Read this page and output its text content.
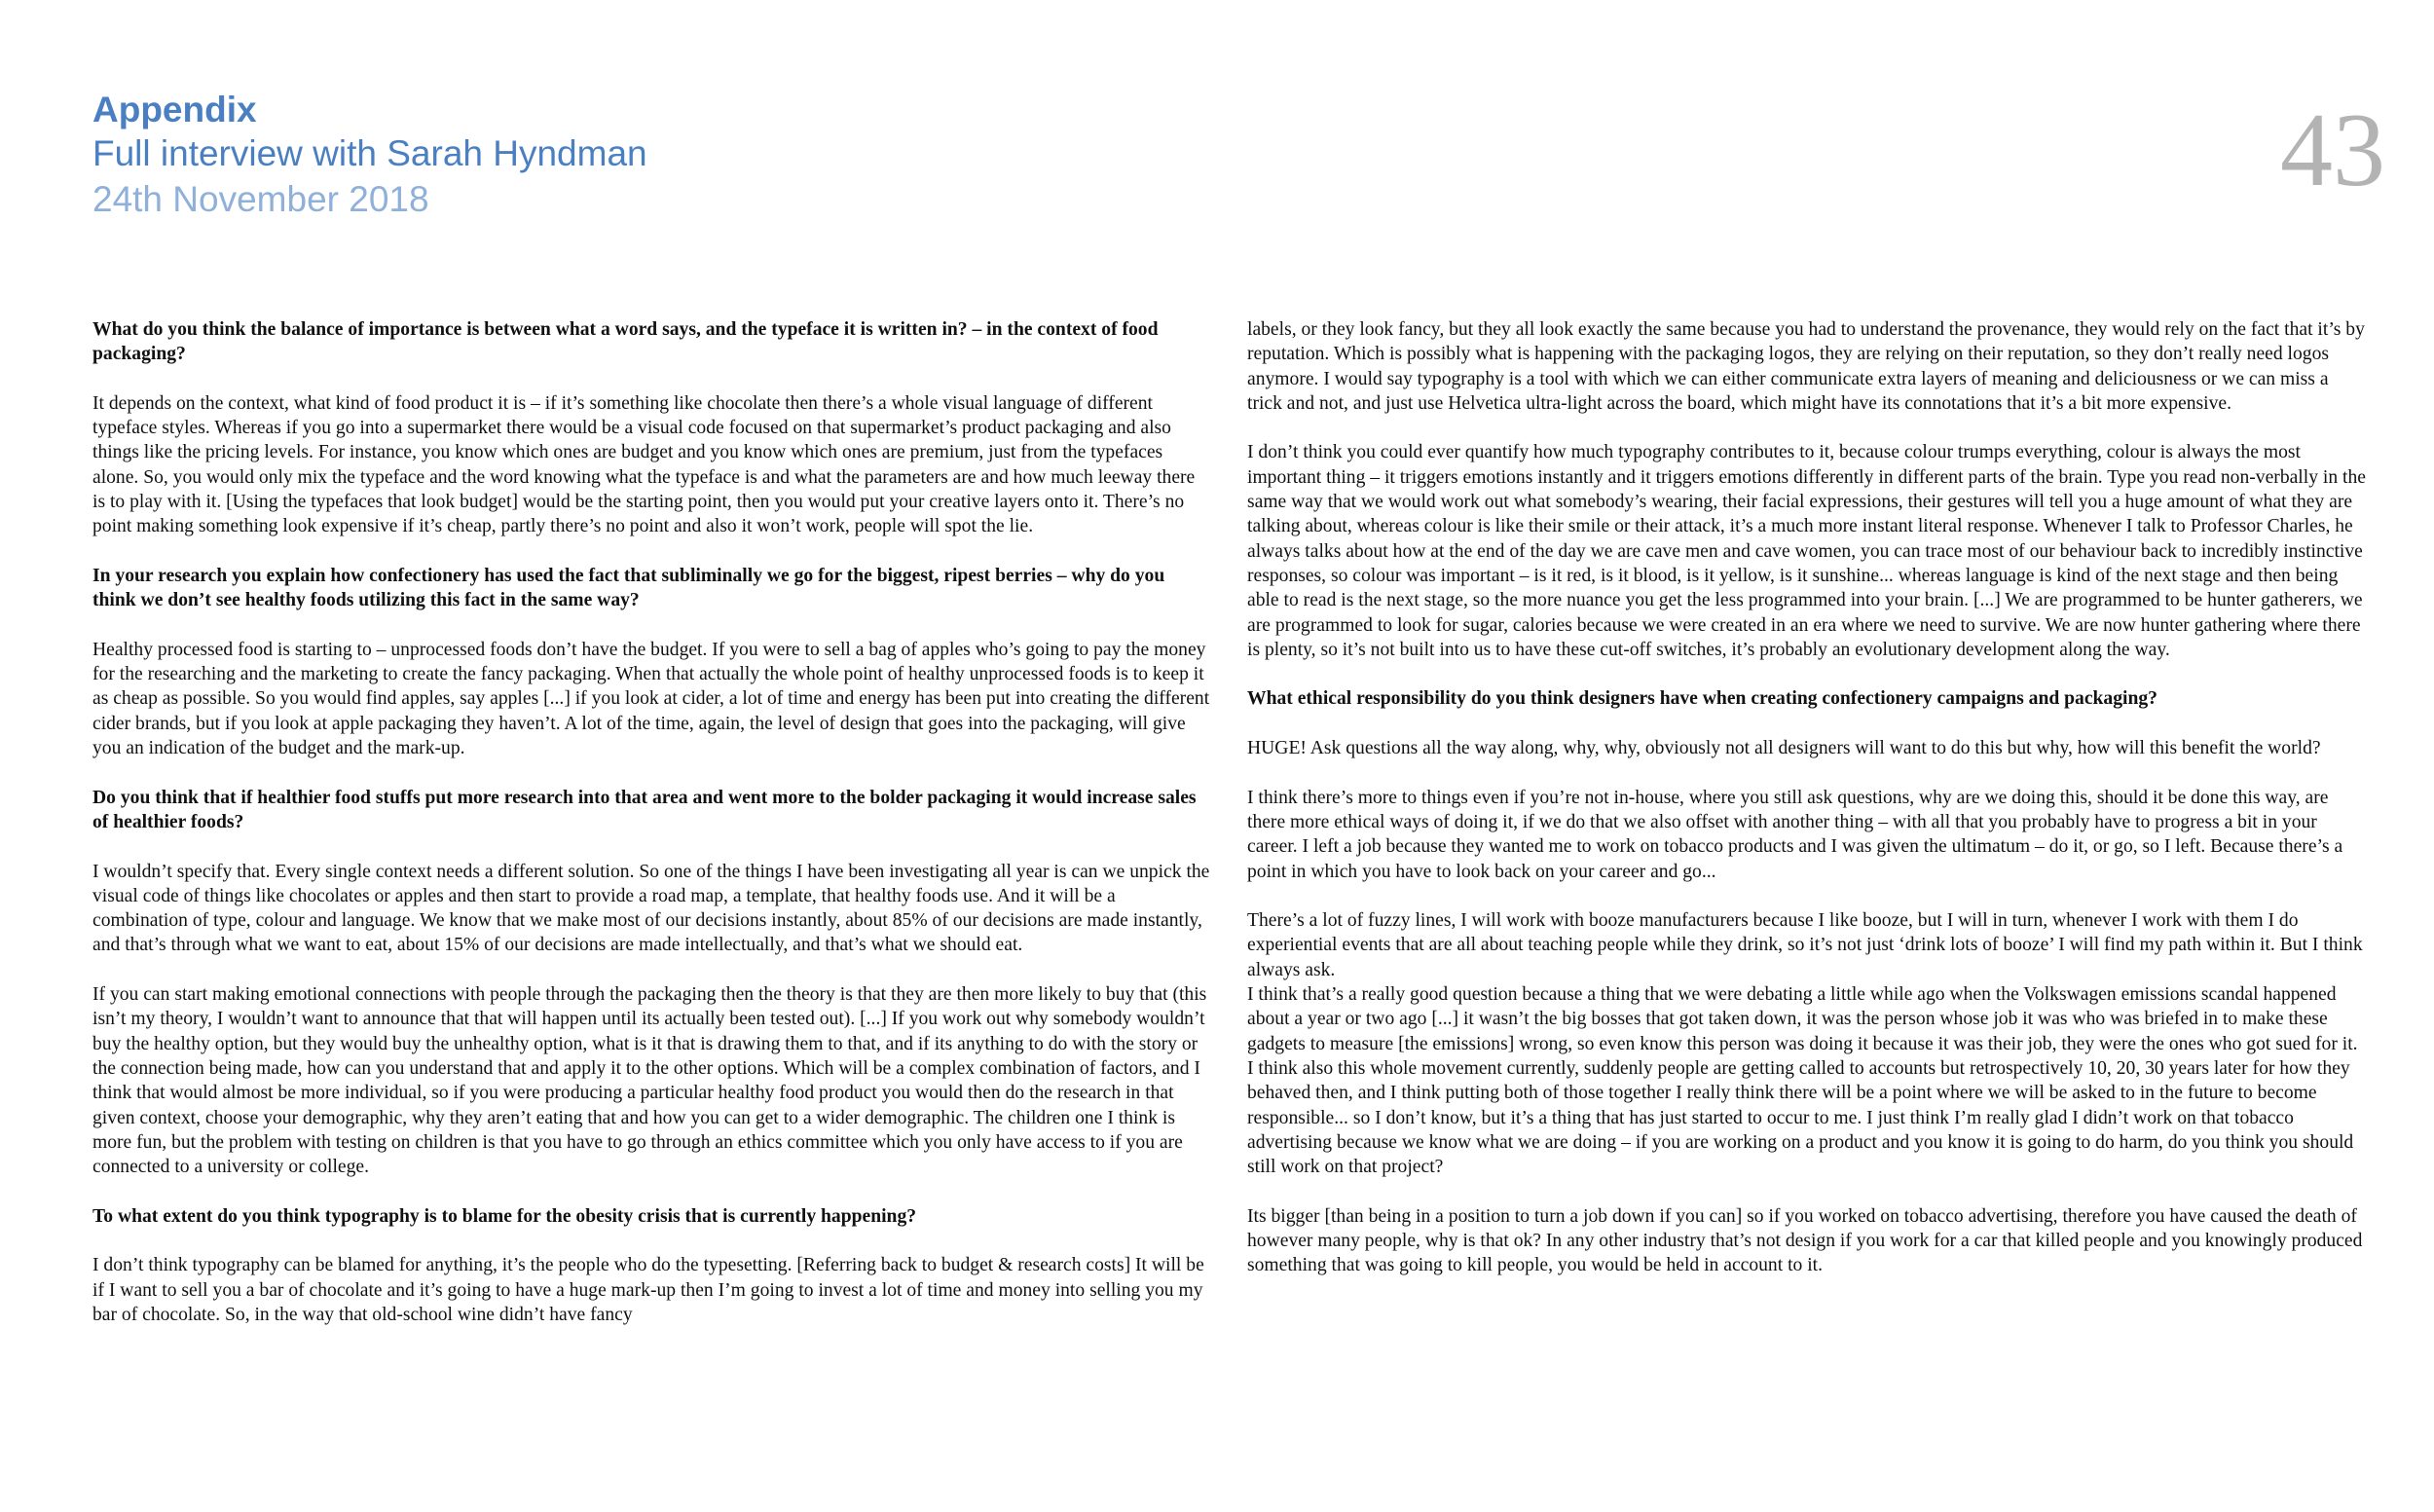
Appendix
Full interview with Sarah Hyndman
24th November 2018	43

What do you think the balance of importance is between what a word says, and the typeface it is written in? – in the context of food packaging?

It depends on the context, what kind of food product it is – if it’s something like chocolate then there’s a whole visual language of different typeface styles. Whereas if you go into a supermarket there would be a visual code focused on that supermarket’s product packaging and also things like the pricing levels. For instance, you know which ones are budget and you know which ones are premium, just from the typefaces alone. So, you would only mix the typeface and the word knowing what the typeface is and what the parameters are and how much leeway there is to play with it. [Using the typefaces that look budget] would be the starting point, then you would put your creative layers onto it. There’s no point making something look expensive if it’s cheap, partly there’s no point and also it won’t work, people will spot the lie.

In your research you explain how confectionery has used the fact that subliminally we go for the biggest, ripest berries – why do you think we don’t see healthy foods utilizing this fact in the same way?

Healthy processed food is starting to – unprocessed foods don’t have the budget. If you were to sell a bag of apples who’s going to pay the money for the researching and the marketing to create the fancy packaging. When that actually the whole point of healthy unprocessed foods is to keep it as cheap as possible. So you would find apples, say apples [...] if you look at cider, a lot of time and energy has been put into creating the different cider brands, but if you look at apple packaging they haven’t. A lot of the time, again, the level of design that goes into the packaging, will give you an indication of the budget and the mark-up.

Do you think that if healthier food stuffs put more research into that area and went more to the bolder packaging it would increase sales of healthier foods?

I wouldn’t specify that. Every single context needs a different solution. So one of the things I have been investigating all year is can we unpick the visual code of things like chocolates or apples and then start to provide a road map, a template, that healthy foods use. And it will be a combination of type, colour and language. We know that we make most of our decisions instantly, about 85% of our decisions are made instantly, and that’s through what we want to eat, about 15% of our decisions are made intellectually, and that’s what we should eat.

If you can start making emotional connections with people through the packaging then the theory is that they are then more likely to buy that (this isn’t my theory, I wouldn’t want to announce that that will happen until its actually been tested out). [...] If you work out why somebody wouldn’t buy the healthy option, but they would buy the unhealthy option, what is it that is drawing them to that, and if its anything to do with the story or the connection being made, how can you understand that and apply it to the other options. Which will be a complex combination of factors, and I think that would almost be more individual, so if you were producing a particular healthy food product you would then do the research in that given context, choose your demographic, why they aren’t eating that and how you can get to a wider demographic. The children one I think is more fun, but the problem with testing on children is that you have to go through an ethics committee which you only have access to if you are connected to a university or college.

To what extent do you think typography is to blame for the obesity crisis that is currently happening?

I don’t think typography can be blamed for anything, it’s the people who do the typesetting. [Referring back to budget & research costs] It will be if I want to sell you a bar of chocolate and it’s going to have a huge mark-up then I’m going to invest a lot of time and money into selling you my bar of chocolate. So, in the way that old-school wine didn’t have fancy

labels, or they look fancy, but they all look exactly the same because you had to understand the provenance, they would rely on the fact that it’s by reputation. Which is possibly what is happening with the packaging logos, they are relying on their reputation, so they don’t really need logos anymore. I would say typography is a tool with which we can either communicate extra layers of meaning and deliciousness or we can miss a trick and not, and just use Helvetica ultra-light across the board, which might have its connotations that it’s a bit more expensive.

I don’t think you could ever quantify how much typography contributes to it, because colour trumps everything, colour is always the most important thing – it triggers emotions instantly and it triggers emotions differently in different parts of the brain. Type you read non-verbally in the same way that we would work out what somebody’s wearing, their facial expressions, their gestures will tell you a huge amount of what they are talking about, whereas colour is like their smile or their attack, it’s a much more instant literal response. Whenever I talk to Professor Charles, he always talks about how at the end of the day we are cave men and cave women, you can trace most of our behaviour back to incredibly instinctive responses, so colour was important – is it red, is it blood, is it yellow, is it sunshine... whereas language is kind of the next stage and then being able to read is the next stage, so the more nuance you get the less programmed into your brain. [...] We are programmed to be hunter gatherers, we are programmed to look for sugar, calories because we were created in an era where we need to survive. We are now hunter gathering where there is plenty, so it’s not built into us to have these cut-off switches, it’s probably an evolutionary development along the way.

What ethical responsibility do you think designers have when creating confectionery campaigns and packaging?

HUGE! Ask questions all the way along, why, why, obviously not all designers will want to do this but why, how will this benefit the world?

I think there’s more to things even if you’re not in-house, where you still ask questions, why are we doing this, should it be done this way, are there more ethical ways of doing it, if we do that we also offset with another thing – with all that you probably have to progress a bit in your career. I left a job because they wanted me to work on tobacco products and I was given the ultimatum – do it, or go, so I left. Because there’s a point in which you have to look back on your career and go...

There’s a lot of fuzzy lines, I will work with booze manufacturers because I like booze, but I will in turn, whenever I work with them I do experiential events that are all about teaching people while they drink, so it’s not just ‘drink lots of booze’ I will find my path within it. But I think always ask.

I think that’s a really good question because a thing that we were debating a little while ago when the Volkswagen emissions scandal happened about a year or two ago [...] it wasn’t the big bosses that got taken down, it was the person whose job it was who was briefed in to make these gadgets to measure [the emissions] wrong, so even know this person was doing it because it was their job, they were the ones who got sued for it. I think also this whole movement currently, suddenly people are getting called to accounts but retrospectively 10, 20, 30 years later for how they behaved then, and I think putting both of those together I really think there will be a point where we will be asked to in the future to become responsible... so I don’t know, but it’s a thing that has just started to occur to me. I just think I’m really glad I didn’t work on that tobacco advertising because we know what we are doing – if you are working on a product and you know it is going to do harm, do you think you should still work on that project?

Its bigger [than being in a position to turn a job down if you can] so if you worked on tobacco advertising, therefore you have caused the death of however many people, why is that ok? In any other industry that’s not design if you work for a car that killed people and you knowingly produced something that was going to kill people, you would be held in account to it.
